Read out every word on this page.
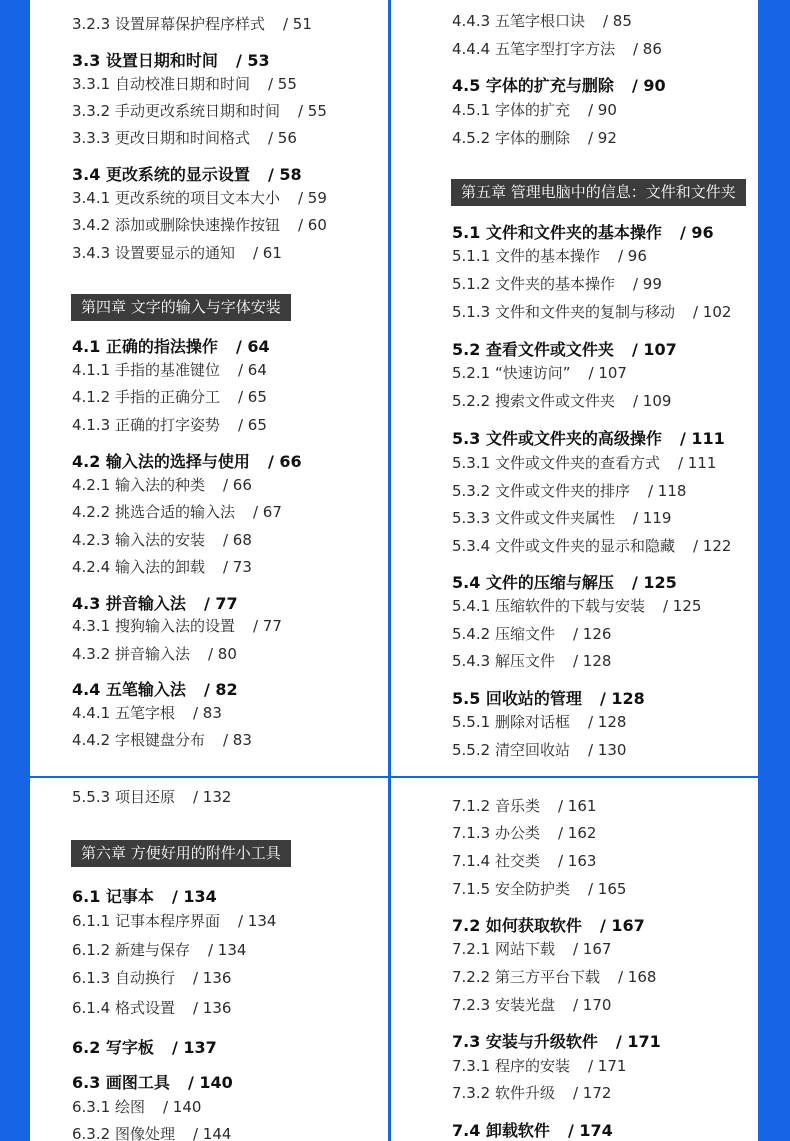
3.2.3 设置屏幕保护程序样式 / 51
3.3 设置日期和时间 / 53
3.3.1 自动校准日期和时间 / 55
3.3.2 手动更改系统日期和时间 / 55
3.3.3 更改日期和时间格式 / 56
3.4 更改系统的显示设置 / 58
3.4.1 更改系统的项目文本大小 / 59
3.4.2 添加或删除快速操作按钮 / 60
3.4.3 设置要显示的通知 / 61
第四章 文字的输入与字体安装
4.1 正确的指法操作 / 64
4.1.1 手指的基准键位 / 64
4.1.2 手指的正确分工 / 65
4.1.3 正确的打字姿势 / 65
4.2 输入法的选择与使用 / 66
4.2.1 输入法的种类 / 66
4.2.2 挑选合适的输入法 / 67
4.2.3 输入法的安装 / 68
4.2.4 输入法的卸载 / 73
4.3 拼音输入法 / 77
4.3.1 搜狗输入法的设置 / 77
4.3.2 拼音输入法 / 80
4.4 五笔输入法 / 82
4.4.1 五笔字根 / 83
4.4.2 字根键盘分布 / 83
4.4.3 五笔字根口诀 / 85
4.4.4 五笔字型打字方法 / 86
4.5 字体的扩充与删除 / 90
4.5.1 字体的扩充 / 90
4.5.2 字体的删除 / 92
第五章 管理电脑中的信息：文件和文件夹
5.1 文件和文件夹的基本操作 / 96
5.1.1 文件的基本操作 / 96
5.1.2 文件夹的基本操作 / 99
5.1.3 文件和文件夹的复制与移动 / 102
5.2 查看文件或文件夹 / 107
5.2.1 “快速访问” / 107
5.2.2 搜索文件或文件夹 / 109
5.3 文件或文件夹的高级操作 / 111
5.3.1 文件或文件夹的查看方式 / 111
5.3.2 文件或文件夹的排序 / 118
5.3.3 文件或文件夹属性 / 119
5.3.4 文件或文件夹的显示和隐藏 / 122
5.4 文件的压缩与解压 / 125
5.4.1 压缩软件的下载与安装 / 125
5.4.2 压缩文件 / 126
5.4.3 解压文件 / 128
5.5 回收站的管理 / 128
5.5.1 删除对话框 / 128
5.5.2 清空回收站 / 130
5.5.3 项目还原 / 132
第六章 方便好用的附件小工具
6.1 记事本 / 134
6.1.1 记事本程序界面 / 134
6.1.2 新建与保存 / 134
6.1.3 自动换行 / 136
6.1.4 格式设置 / 136
6.2 写字板 / 137
6.3 画图工具 / 140
6.3.1 绘图 / 140
6.3.2 图像处理 / 144
7.1.2 音乐类 / 161
7.1.3 办公类 / 162
7.1.4 社交类 / 163
7.1.5 安全防护类 / 165
7.2 如何获取软件 / 167
7.2.1 网站下载 / 167
7.2.2 第三方平台下载 / 168
7.2.3 安装光盘 / 170
7.3 安装与升级软件 / 171
7.3.1 程序的安装 / 171
7.3.2 软件升级 / 172
7.4 卸载软件 / 174
